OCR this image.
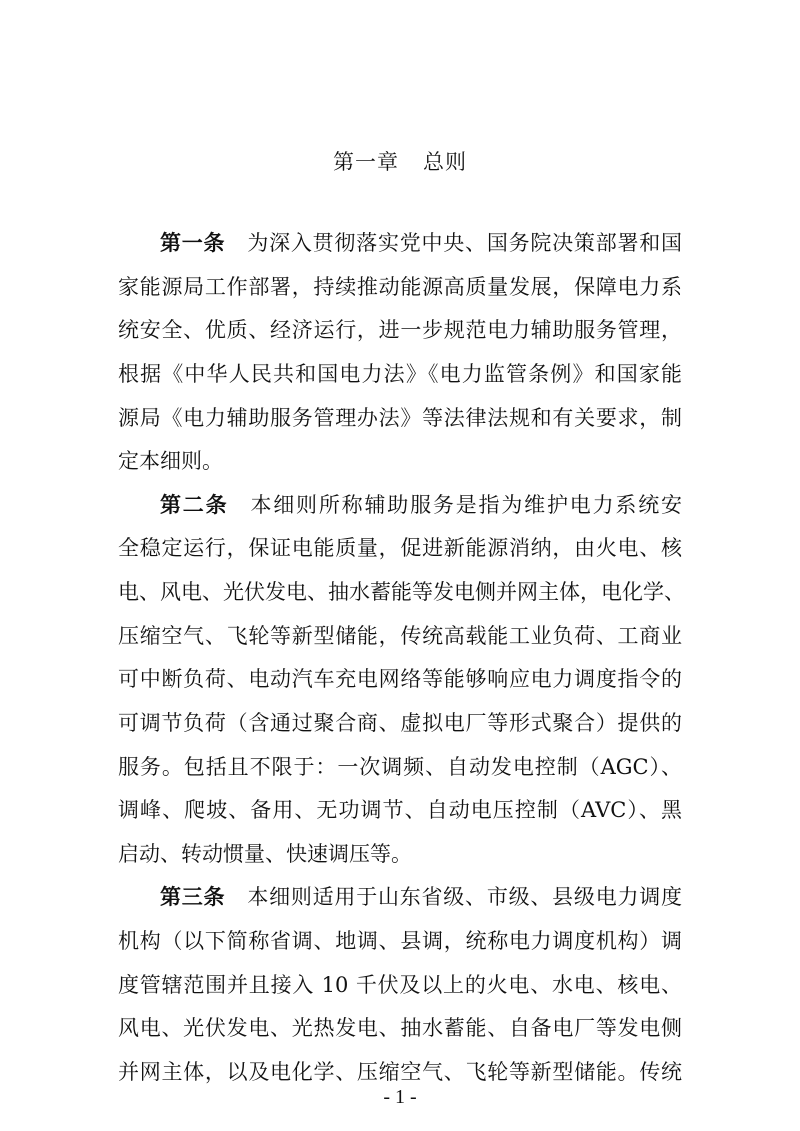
第一章 总则
第一条 为深入贯彻落实党中央、国务院决策部署和国
家能源局工作部署，持续推动能源高质量发展，保障电力系
统安全、优质、经济运行，进一步规范电力辅助服务管理，
根据《中华人民共和国电力法》《电力监管条例》和国家能
源局《电力辅助服务管理办法》等法律法规和有关要求，制
定本细则。
第二条 本细则所称辅助服务是指为维护电力系统安
全稳定运行，保证电能质量，促进新能源消纳，由火电、核
电、风电、光伏发电、抽水蓄能等发电侧并网主体，电化学、
压缩空气、飞轮等新型储能，传统高载能工业负荷、工商业
可中断负荷、电动汽车充电网络等能够响应电力调度指令的
可调节负荷（含通过聚合商、虚拟电厂等形式聚合）提供的
服务。包括且不限于：一次调频、自动发电控制（AGC）、
调峰、爬坡、备用、无功调节、自动电压控制（AVC）、黑
启动、转动惯量、快速调压等。
第三条 本细则适用于山东省级、市级、县级电力调度
机构（以下简称省调、地调、县调，统称电力调度机构）调
度管辖范围并且接入 10 千伏及以上的火电、水电、核电、
风电、光伏发电、光热发电、抽水蓄能、自备电厂等发电侧
并网主体，以及电化学、压缩空气、飞轮等新型储能。传统
- 1 -
